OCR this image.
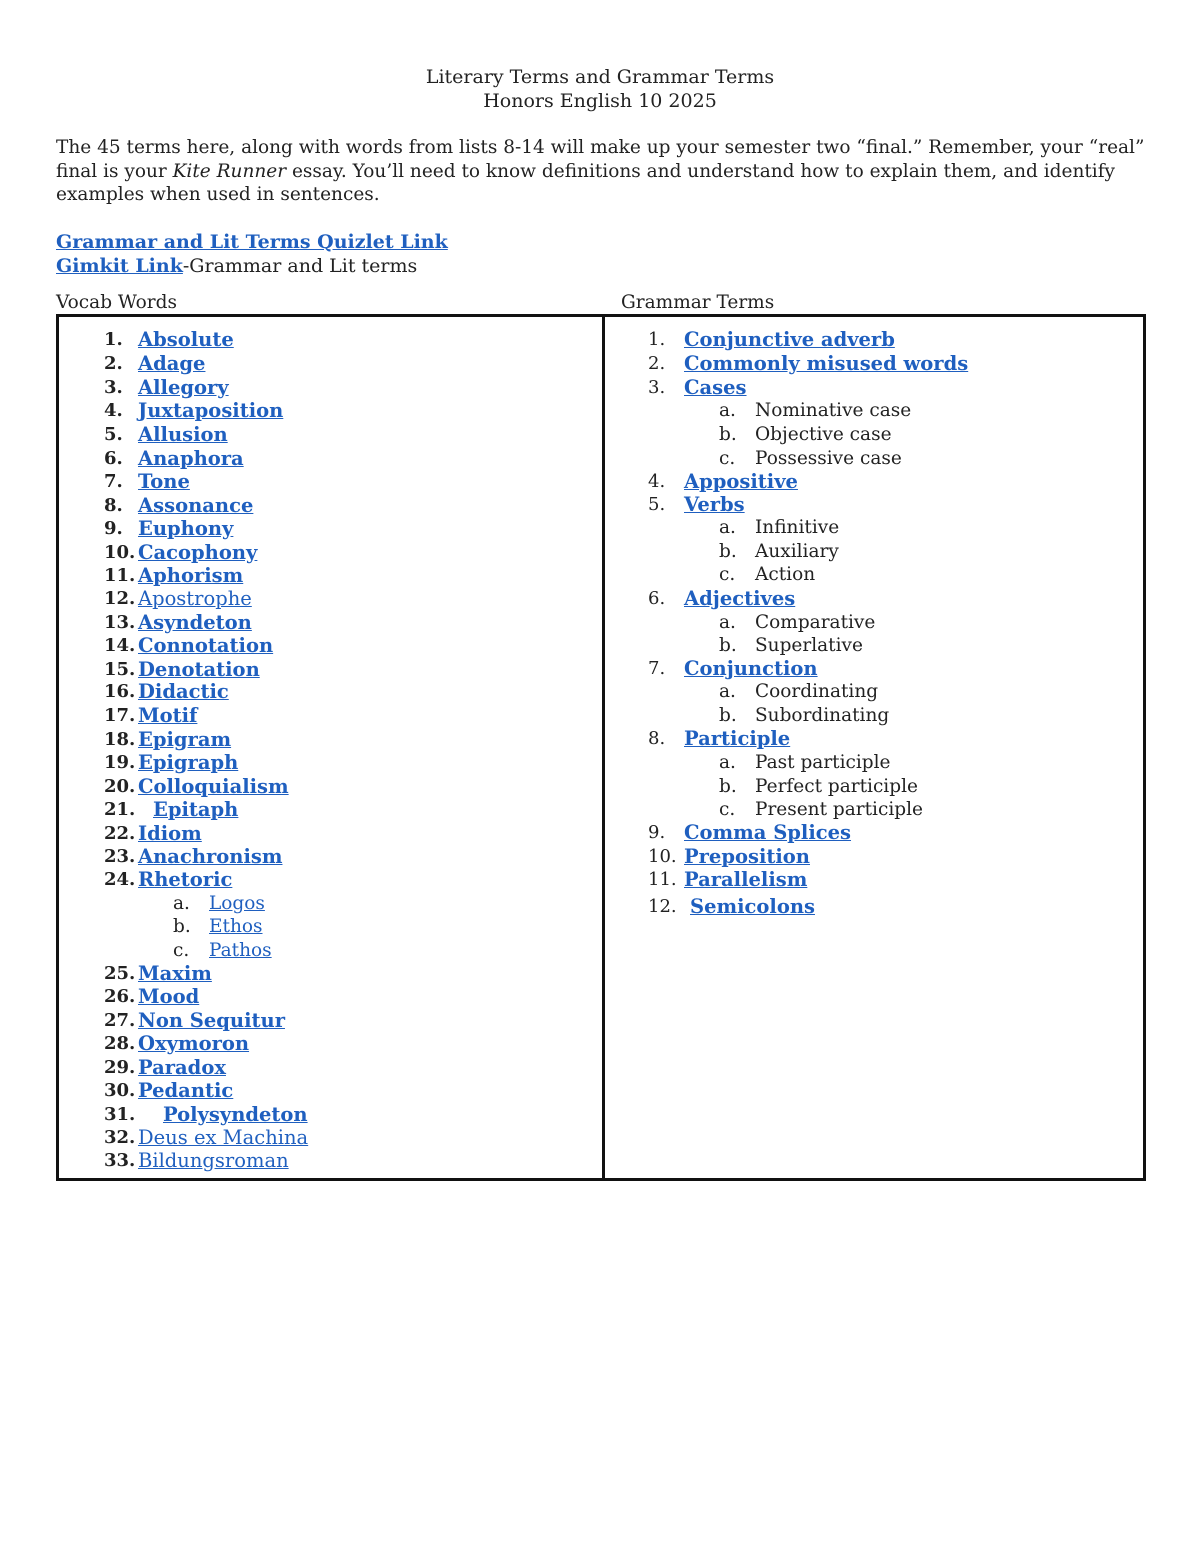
Literary Terms and Grammar Terms
Honors English 10 2025
The 45 terms here, along with words from lists 8-14 will make up your semester two “final.” Remember, your “real” final is your Kite Runner essay. You’ll need to know definitions and understand how to explain them, and identify examples when used in sentences.
Grammar and Lit Terms Quizlet Link
Gimkit Link-Grammar and Lit terms
Vocab Words	Grammar Terms
1. Absolute
2. Adage
3. Allegory
4. Juxtaposition
5. Allusion
6. Anaphora
7. Tone
8. Assonance
9. Euphony
10. Cacophony
11. Aphorism
12. Apostrophe
13. Asyndeton
14. Connotation
15. Denotation
16. Didactic
17. Motif
18. Epigram
19. Epigraph
20. Colloquialism
21. Epitaph
22. Idiom
23. Anachronism
24. Rhetoric
25. Maxim
26. Mood
27. Non Sequitur
28. Oxymoron
29. Paradox
30. Pedantic
31. Polysyndeton
32. Deus ex Machina
33. Bildungsroman
a. Logos
b. Ethos
c. Pathos
1. Conjunctive adverb
2. Commonly misused words
3. Cases
a. Nominative case
b. Objective case
c. Possessive case
4. Appositive
5. Verbs
a. Infinitive
b. Auxiliary
c. Action
6. Adjectives
a. Comparative
b. Superlative
7. Conjunction
a. Coordinating
b. Subordinating
8. Participle
a. Past participle
b. Perfect participle
c. Present participle
9. Comma Splices
10. Preposition
11. Parallelism
12. Semicolons
